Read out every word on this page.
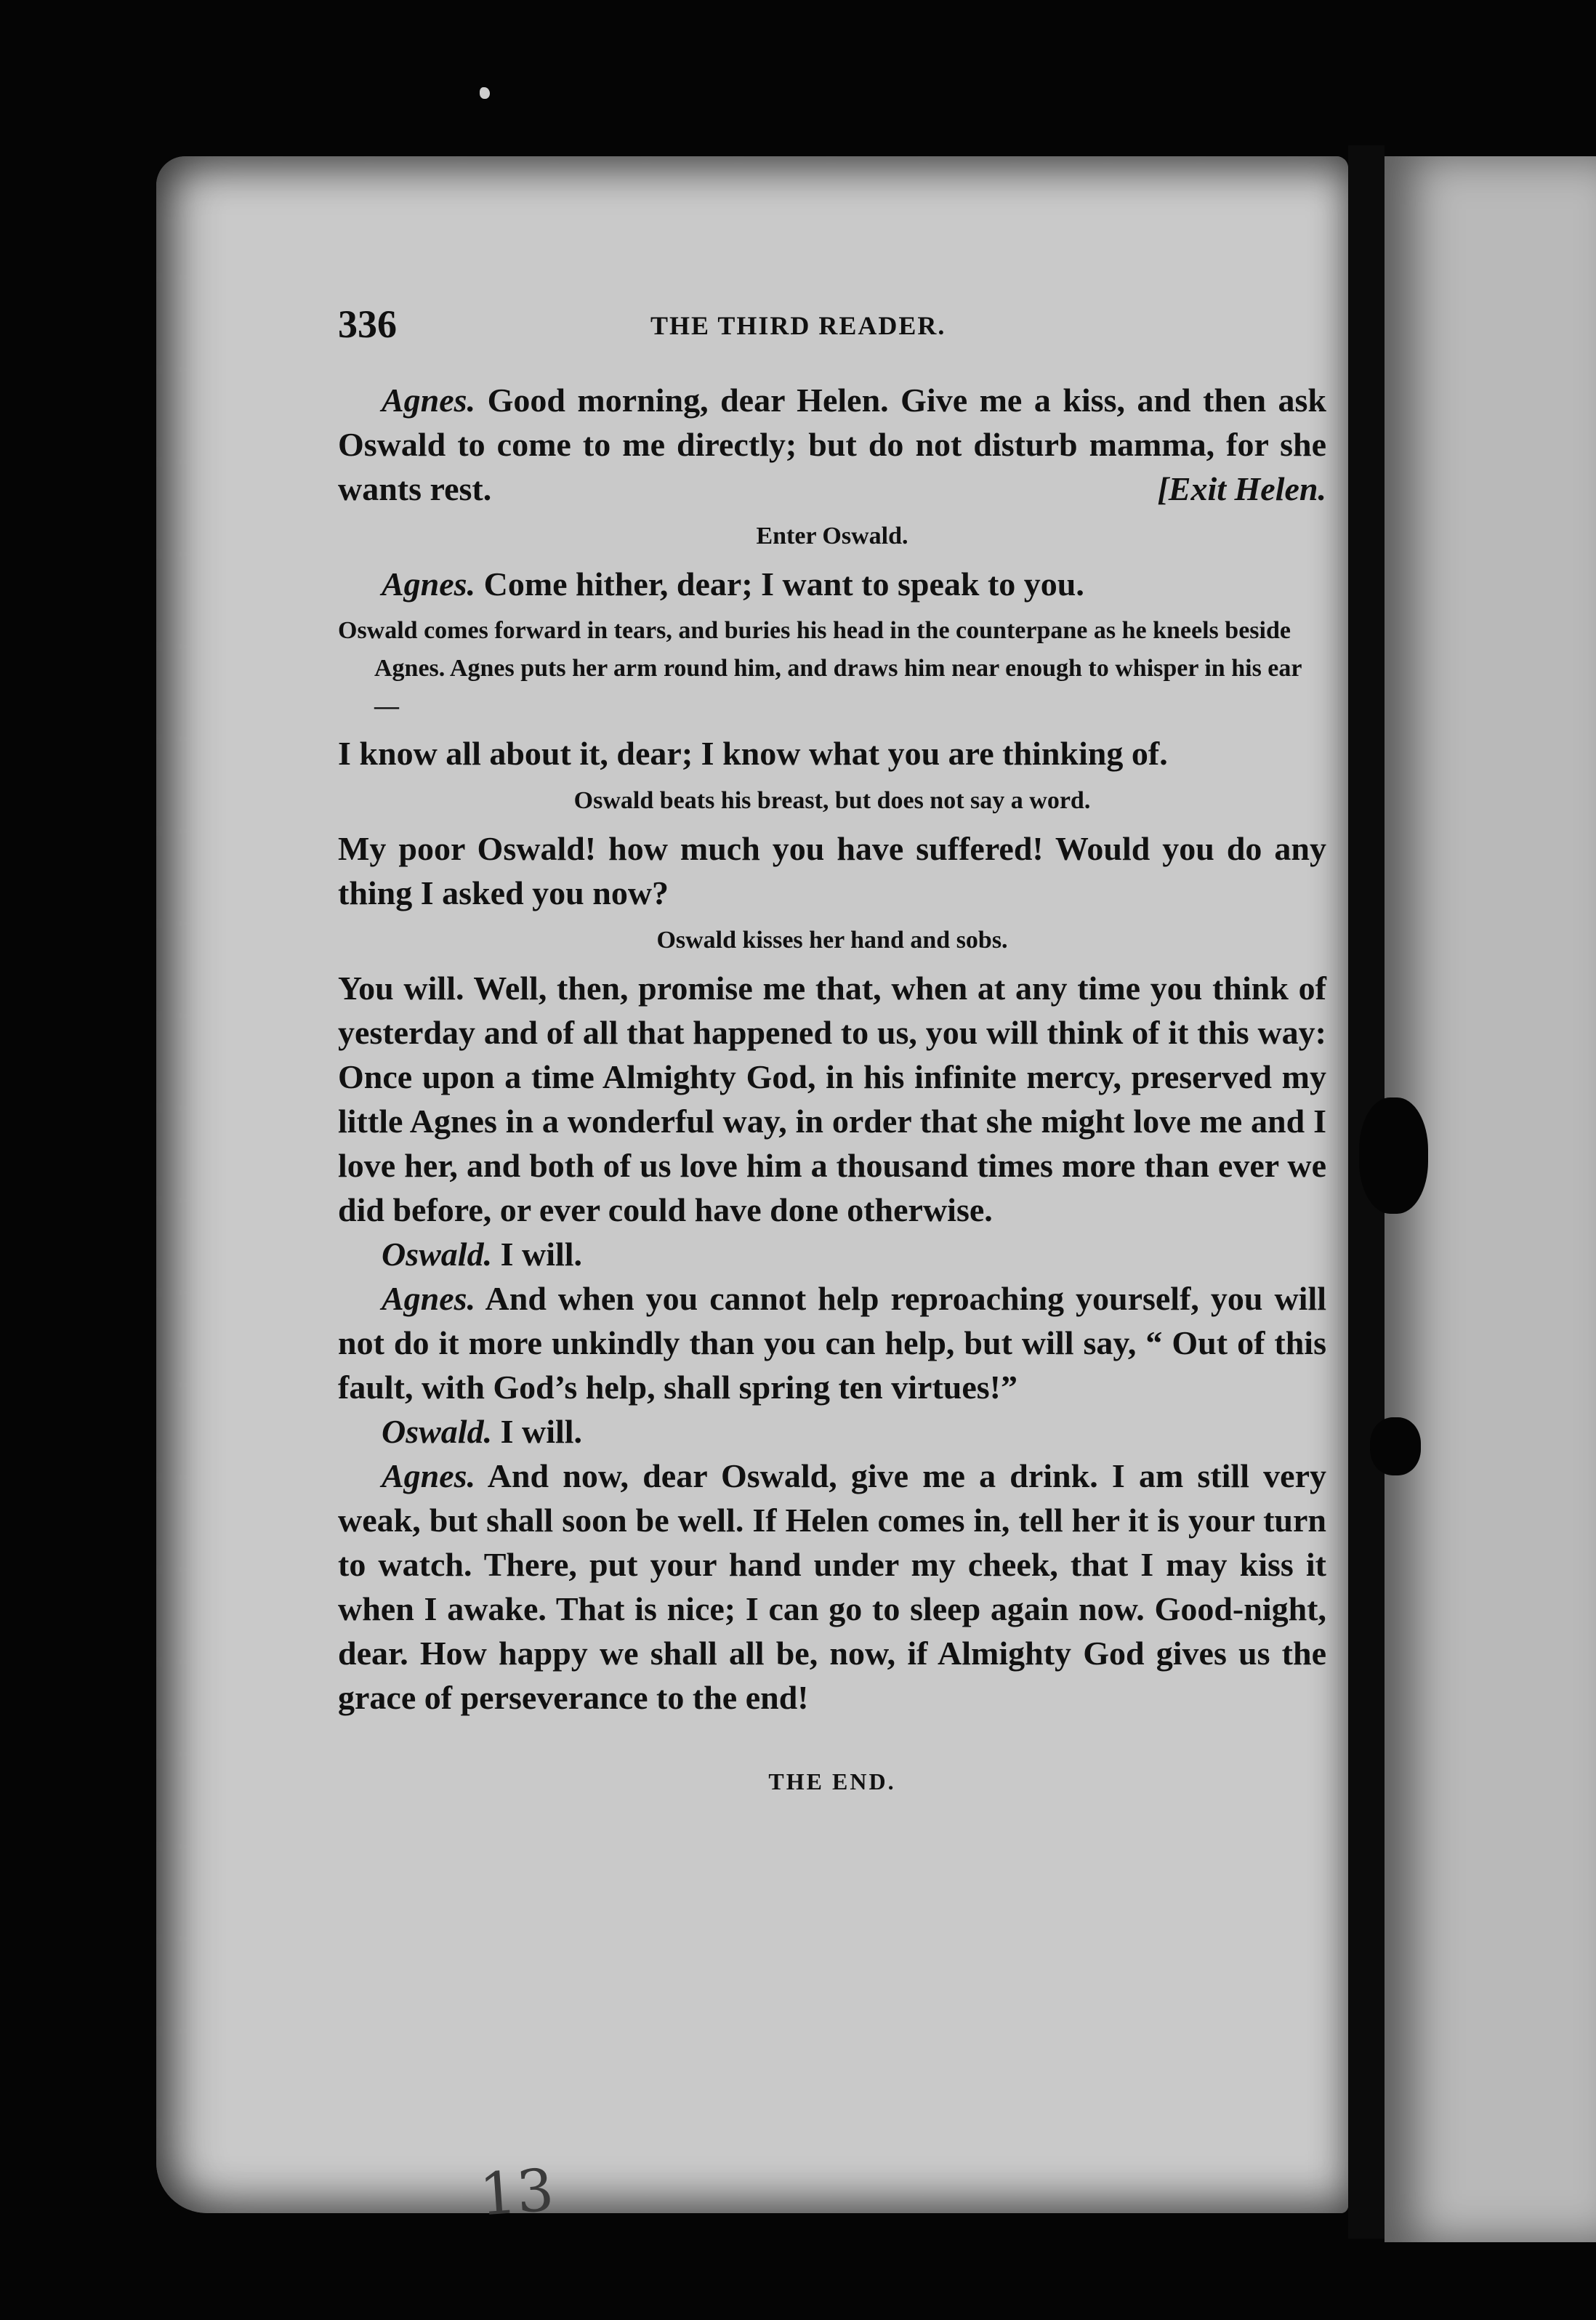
336	THE THIRD READER.

Agnes. Good morning, dear Helen. Give me a kiss, and then ask Oswald to come to me directly; but do not disturb mamma, for she wants rest.	[Exit Helen.

Enter Oswald.

Agnes. Come hither, dear; I want to speak to you.

Oswald comes forward in tears, and buries his head in the counterpane as he kneels beside Agnes. Agnes puts her arm round him, and draws him near enough to whisper in his ear—

I know all about it, dear; I know what you are thinking of.

Oswald beats his breast, but does not say a word.

My poor Oswald! how much you have suffered! Would you do any thing I asked you now?

Oswald kisses her hand and sobs.

You will. Well, then, promise me that, when at any time you think of yesterday and of all that happened to us, you will think of it this way: Once upon a time Almighty God, in his infinite mercy, preserved my little Agnes in a wonderful way, in order that she might love me and I love her, and both of us love him a thousand times more than ever we did before, or ever could have done otherwise.

Oswald. I will.

Agnes. And when you cannot help reproaching yourself, you will not do it more unkindly than you can help, but will say, “ Out of this fault, with God’s help, shall spring ten virtues!”

Oswald. I will.

Agnes. And now, dear Oswald, give me a drink. I am still very weak, but shall soon be well. If Helen comes in, tell her it is your turn to watch. There, put your hand under my cheek, that I may kiss it when I awake. That is nice; I can go to sleep again now. Good-night, dear. How happy we shall all be, now, if Almighty God gives us the grace of perseverance to the end!

THE END.

13
